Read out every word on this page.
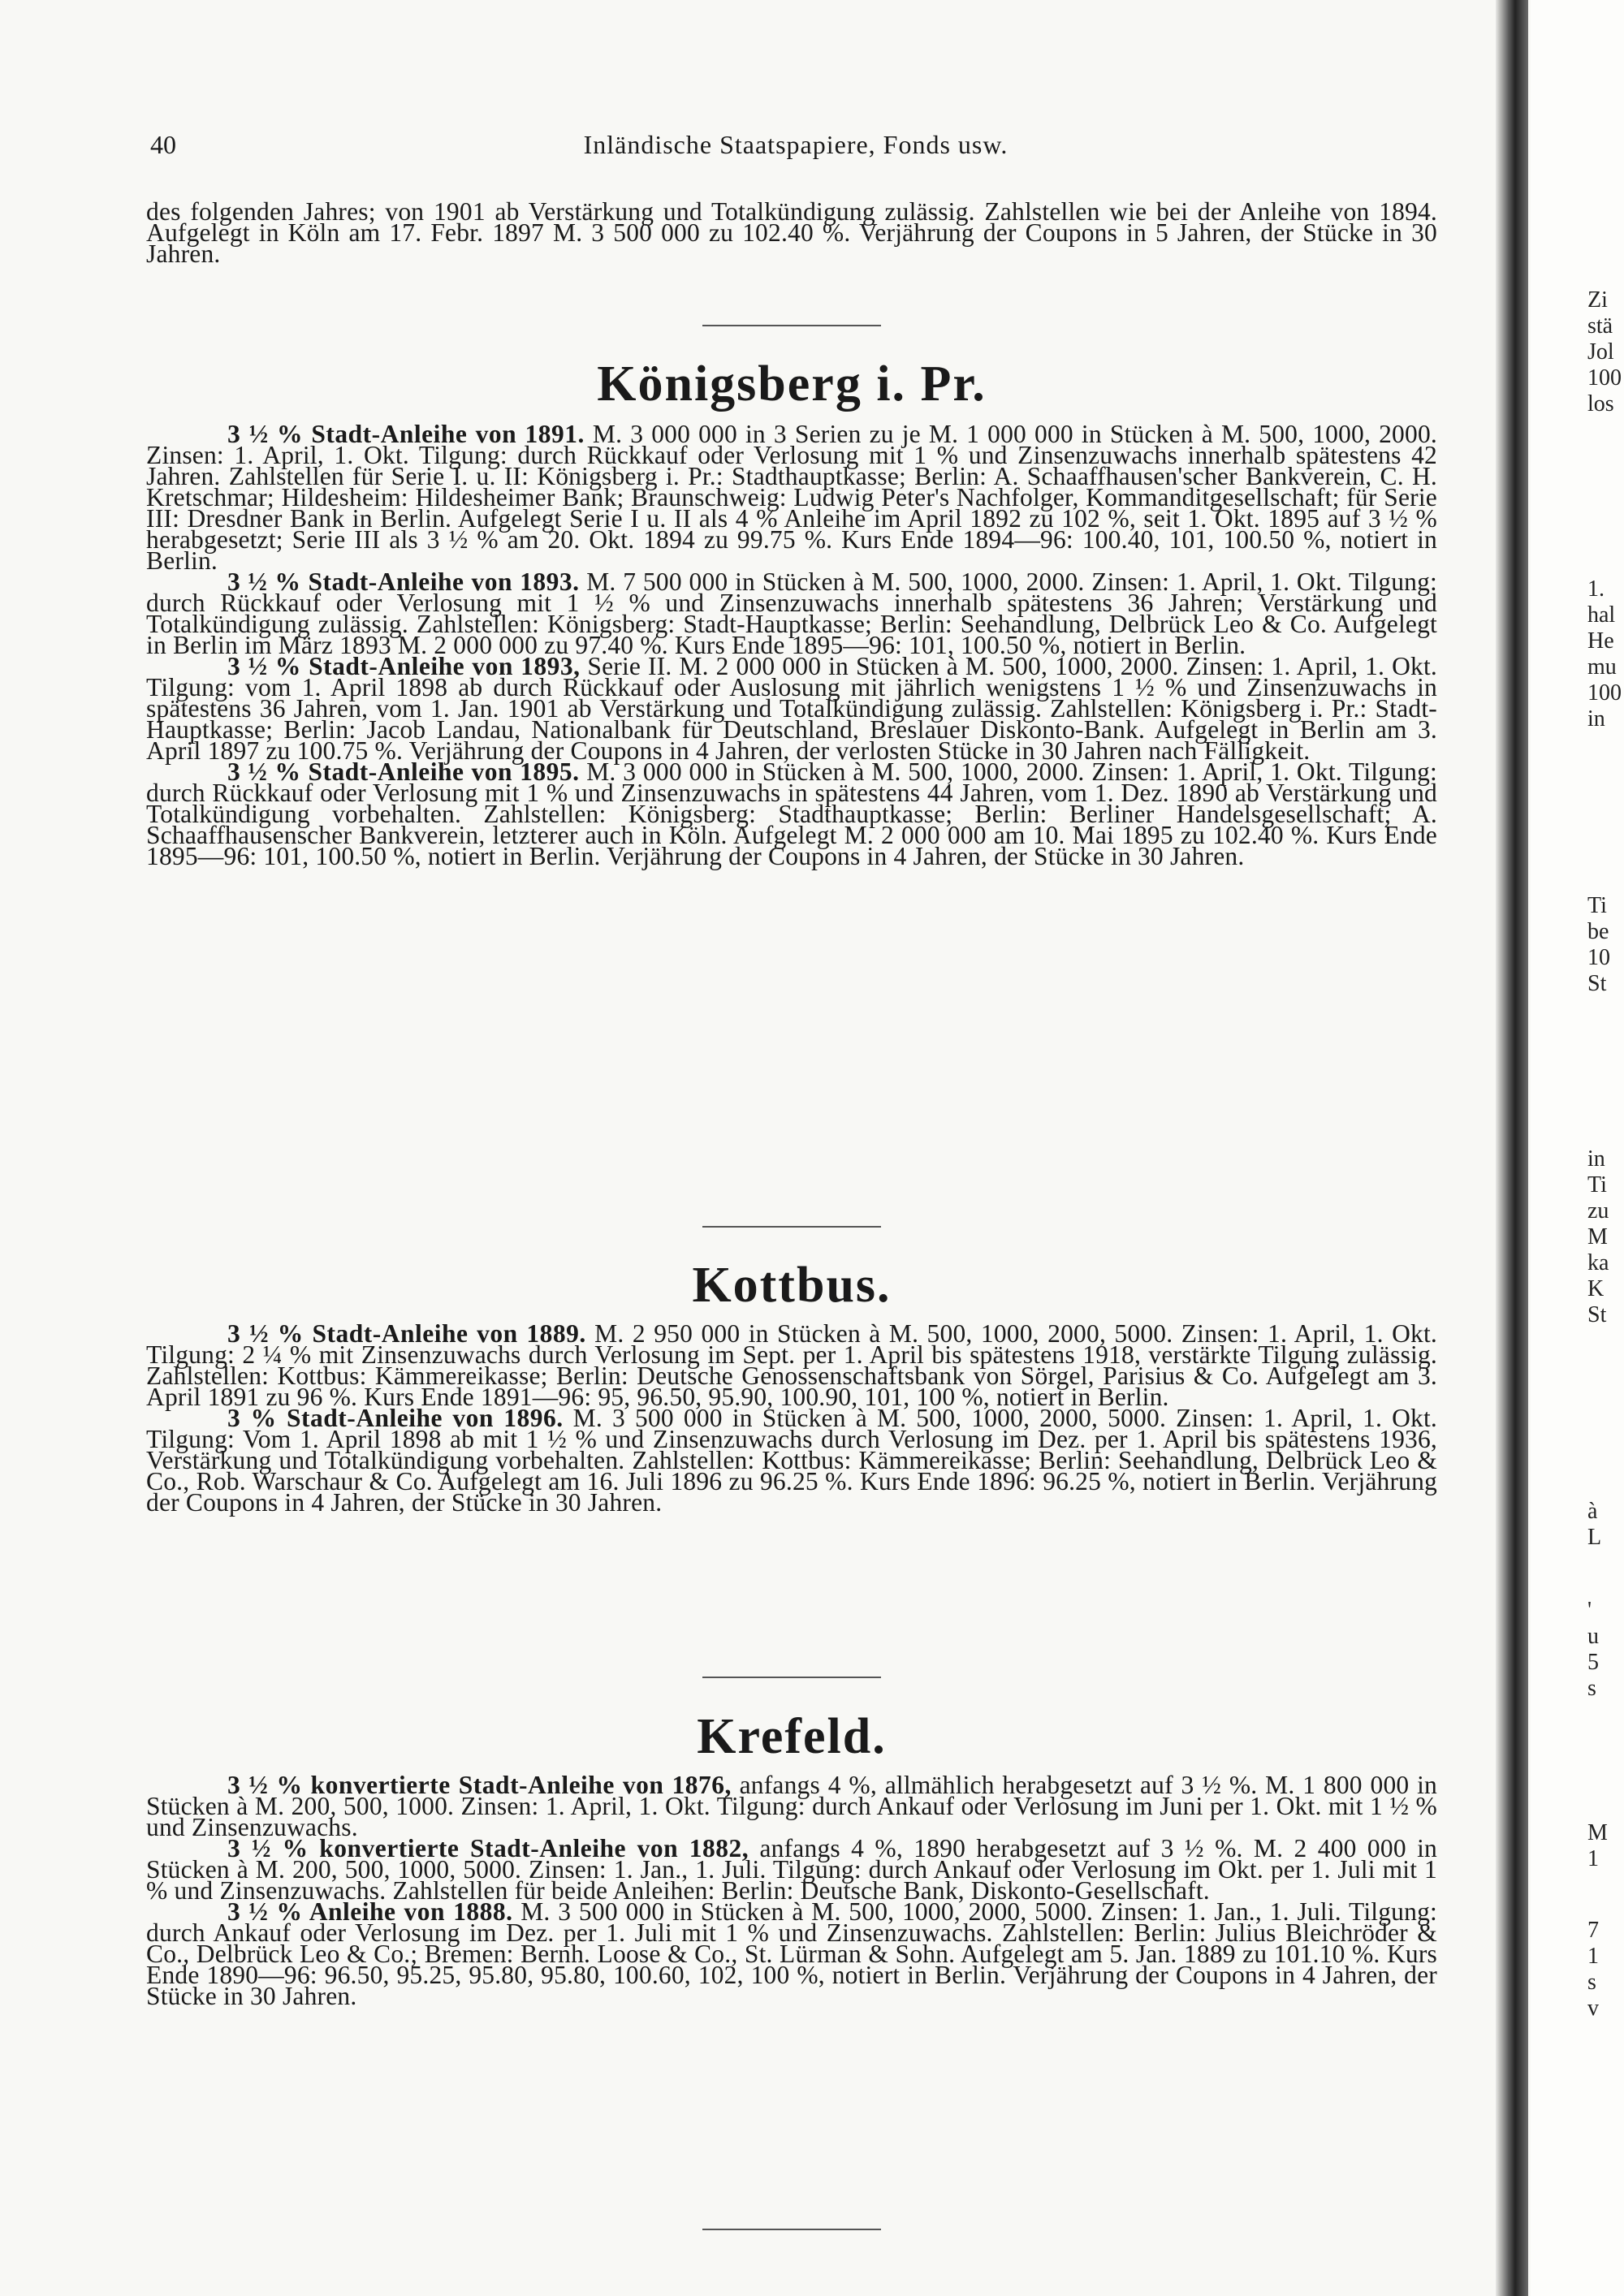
40	Inländische Staatspapiere, Fonds usw.

des folgenden Jahres; von 1901 ab Verstärkung und Totalkündigung zulässig. Zahlstellen wie bei der Anleihe von 1894. Aufgelegt in Köln am 17. Febr. 1897 M. 3 500 000 zu 102.40 %. Verjährung der Coupons in 5 Jahren, der Stücke in 30 Jahren.

Königsberg i. Pr.

3 ½ % Stadt-Anleihe von 1891. M. 3 000 000 in 3 Serien zu je M. 1 000 000 in Stücken à M. 500, 1000, 2000. Zinsen: 1. April, 1. Okt. Tilgung: durch Rückkauf oder Verlosung mit 1 % und Zinsenzuwachs innerhalb spätestens 42 Jahren. Zahlstellen für Serie I. u. II: Königsberg i. Pr.: Stadthauptkasse; Berlin: A. Schaaffhausen'scher Bankverein, C. H. Kretschmar; Hildesheim: Hildesheimer Bank; Braunschweig: Ludwig Peter's Nachfolger, Kommanditgesellschaft; für Serie III: Dresdner Bank in Berlin. Aufgelegt Serie I u. II als 4 % Anleihe im April 1892 zu 102 %, seit 1. Okt. 1895 auf 3 ½ % herabgesetzt; Serie III als 3 ½ % am 20. Okt. 1894 zu 99.75 %. Kurs Ende 1894—96: 100.40, 101, 100.50 %, notiert in Berlin.

3 ½ % Stadt-Anleihe von 1893. M. 7 500 000 in Stücken à M. 500, 1000, 2000. Zinsen: 1. April, 1. Okt. Tilgung: durch Rückkauf oder Verlosung mit 1 ½ % und Zinsenzuwachs innerhalb spätestens 36 Jahren; Verstärkung und Totalkündigung zulässig. Zahlstellen: Königsberg: Stadt-Hauptkasse; Berlin: Seehandlung, Delbrück Leo & Co. Aufgelegt in Berlin im März 1893 M. 2 000 000 zu 97.40 %. Kurs Ende 1895—96: 101, 100.50 %, notiert in Berlin.

3 ½ % Stadt-Anleihe von 1893, Serie II. M. 2 000 000 in Stücken à M. 500, 1000, 2000. Zinsen: 1. April, 1. Okt. Tilgung: vom 1. April 1898 ab durch Rückkauf oder Auslosung mit jährlich wenigstens 1 ½ % und Zinsenzuwachs in spätestens 36 Jahren, vom 1. Jan. 1901 ab Verstärkung und Totalkündigung zulässig. Zahlstellen: Königsberg i. Pr.: Stadt-Hauptkasse; Berlin: Jacob Landau, Nationalbank für Deutschland, Breslauer Diskonto-Bank. Aufgelegt in Berlin am 3. April 1897 zu 100.75 %. Verjährung der Coupons in 4 Jahren, der verlosten Stücke in 30 Jahren nach Fälligkeit.

3 ½ % Stadt-Anleihe von 1895. M. 3 000 000 in Stücken à M. 500, 1000, 2000. Zinsen: 1. April, 1. Okt. Tilgung: durch Rückkauf oder Verlosung mit 1 % und Zinsenzuwachs in spätestens 44 Jahren, vom 1. Dez. 1890 ab Verstärkung und Totalkündigung vorbehalten. Zahlstellen: Königsberg: Stadthauptkasse; Berlin: Berliner Handelsgesellschaft; A. Schaaffhausenscher Bankverein, letzterer auch in Köln. Aufgelegt M. 2 000 000 am 10. Mai 1895 zu 102.40 %. Kurs Ende 1895—96: 101, 100.50 %, notiert in Berlin. Verjährung der Coupons in 4 Jahren, der Stücke in 30 Jahren.

Kottbus.

3 ½ % Stadt-Anleihe von 1889. M. 2 950 000 in Stücken à M. 500, 1000, 2000, 5000. Zinsen: 1. April, 1. Okt. Tilgung: 2 ¼ % mit Zinsenzuwachs durch Verlosung im Sept. per 1. April bis spätestens 1918, verstärkte Tilgung zulässig. Zahlstellen: Kottbus: Kämmereikasse; Berlin: Deutsche Genossenschaftsbank von Sörgel, Parisius & Co. Aufgelegt am 3. April 1891 zu 96 %. Kurs Ende 1891—96: 95, 96.50, 95.90, 100.90, 101, 100 %, notiert in Berlin.

3 % Stadt-Anleihe von 1896. M. 3 500 000 in Stücken à M. 500, 1000, 2000, 5000. Zinsen: 1. April, 1. Okt. Tilgung: Vom 1. April 1898 ab mit 1 ½ % und Zinsenzuwachs durch Verlosung im Dez. per 1. April bis spätestens 1936, Verstärkung und Totalkündigung vorbehalten. Zahlstellen: Kottbus: Kämmereikasse; Berlin: Seehandlung, Delbrück Leo & Co., Rob. Warschaur & Co. Aufgelegt am 16. Juli 1896 zu 96.25 %. Kurs Ende 1896: 96.25 %, notiert in Berlin. Verjährung der Coupons in 4 Jahren, der Stücke in 30 Jahren.

Krefeld.

3 ½ % konvertierte Stadt-Anleihe von 1876, anfangs 4 %, allmählich herabgesetzt auf 3 ½ %. M. 1 800 000 in Stücken à M. 200, 500, 1000. Zinsen: 1. April, 1. Okt. Tilgung: durch Ankauf oder Verlosung im Juni per 1. Okt. mit 1 ½ % und Zinsenzuwachs.

3 ½ % konvertierte Stadt-Anleihe von 1882, anfangs 4 %, 1890 herabgesetzt auf 3 ½ %. M. 2 400 000 in Stücken à M. 200, 500, 1000, 5000. Zinsen: 1. Jan., 1. Juli. Tilgung: durch Ankauf oder Verlosung im Okt. per 1. Juli mit 1 % und Zinsenzuwachs. Zahlstellen für beide Anleihen: Berlin: Deutsche Bank, Diskonto-Gesellschaft.

3 ½ % Anleihe von 1888. M. 3 500 000 in Stücken à M. 500, 1000, 2000, 5000. Zinsen: 1. Jan., 1. Juli. Tilgung: durch Ankauf oder Verlosung im Dez. per 1. Juli mit 1 % und Zinsenzuwachs. Zahlstellen: Berlin: Julius Bleichröder & Co., Delbrück Leo & Co.; Bremen: Bernh. Loose & Co., St. Lürman & Sohn. Aufgelegt am 5. Jan. 1889 zu 101.10 %. Kurs Ende 1890—96: 96.50, 95.25, 95.80, 95.80, 100.60, 102, 100 %, notiert in Berlin. Verjährung der Coupons in 4 Jahren, der Stücke in 30 Jahren.

Zi
stä
Jol
100
los
1.
hal
He
mu
100
in
Ti
be
10
St
in
Ti
zu
M
ka
K
St
à
L
'
u
5
s
M
1
7
1
s
v
